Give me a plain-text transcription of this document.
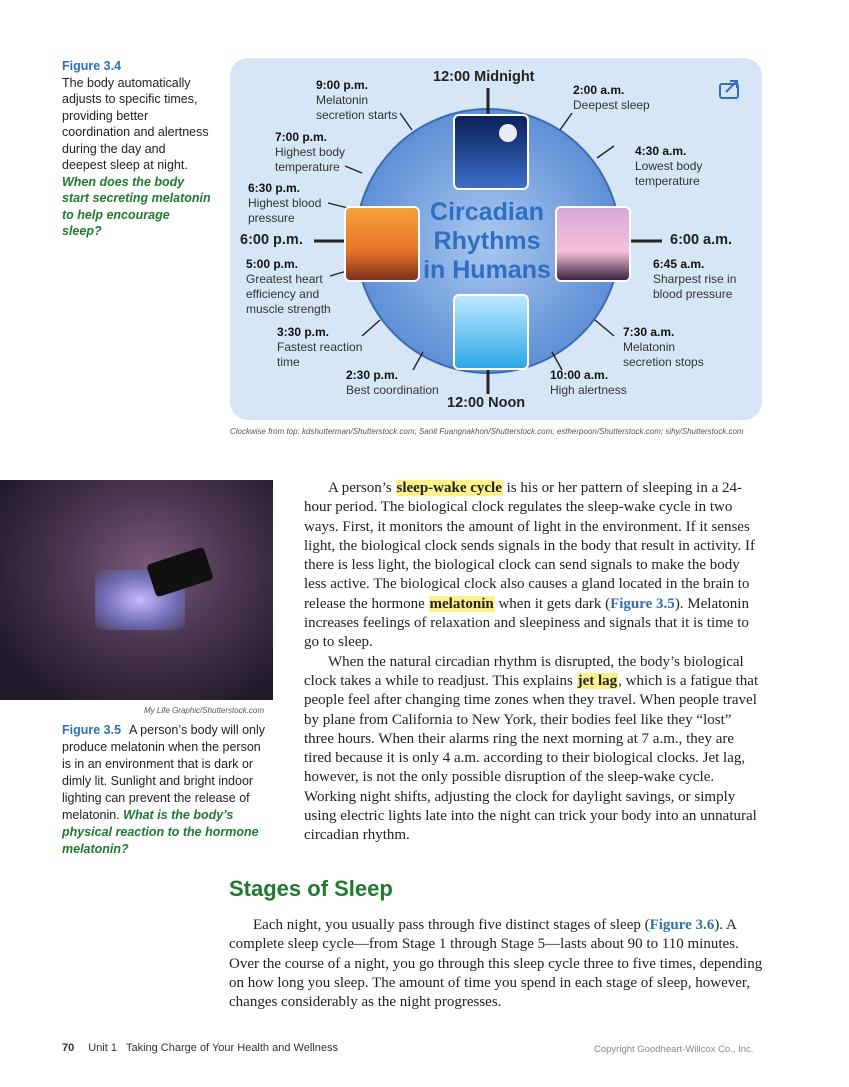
Figure 3.4
The body automatically adjusts to specific times, providing better coordination and alertness during the day and deepest sleep at night. When does the body start secreting melatonin to help encourage sleep?
Circadian
Rhythms
in Humans
12:00 Midnight
12:00 Noon
6:00 a.m.
6:00 p.m.
2:00 a.m.
Deepest sleep
4:30 a.m.
Lowest body
temperature
6:45 a.m.
Sharpest rise in
blood pressure
7:30 a.m.
Melatonin
secretion stops
10:00 a.m.
High alertness
2:30 p.m.
Best coordination
3:30 p.m.
Fastest reaction
time
5:00 p.m.
Greatest heart
efficiency and
muscle strength
6:30 p.m.
Highest blood
pressure
7:00 p.m.
Highest body
temperature
9:00 p.m.
Melatonin
secretion starts
Clockwise from top: kdshutterman/Shutterstock.com; Sanit Fuangnakhon/Shutterstock.com; estherpoon/Shutterstock.com; sihy/Shutterstock.com
My Life Graphic/Shutterstock.com
Figure 3.5 A person’s body will only produce melatonin when the person is in an environment that is dark or dimly lit. Sunlight and bright indoor lighting can prevent the release of melatonin. What is the body’s physical reaction to the hormone melatonin?

A person’s sleep-wake cycle is his or her pattern of sleeping in a 24-hour period. The biological clock regulates the sleep-wake cycle in two ways. First, it monitors the amount of light in the environment. If it senses light, the biological clock sends signals in the body that result in activity. If there is less light, the biological clock can send signals to make the body less active. The biological clock also causes a gland located in the brain to release the hormone melatonin when it gets dark (Figure 3.5). Melatonin increases feelings of relaxation and sleepiness and signals that it is time to go to sleep.

When the natural circadian rhythm is disrupted, the body’s biological clock takes a while to readjust. This explains jet lag, which is a fatigue that people feel after changing time zones when they travel. When people travel by plane from California to New York, their bodies feel like they “lost” three hours. When their alarms ring the next morning at 7 a.m., they are tired because it is only 4 a.m. according to their biological clocks. Jet lag, however, is not the only possible disruption of the sleep-wake cycle. Working night shifts, adjusting the clock for daylight savings, or simply using electric lights late into the night can trick your body into an unnatural circadian rhythm.

Stages of Sleep

Each night, you usually pass through five distinct stages of sleep (Figure 3.6). A complete sleep cycle—from Stage 1 through Stage 5—lasts about 90 to 110 minutes. Over the course of a night, you go through this sleep cycle three to five times, depending on how long you sleep. The amount of time you spend in each stage of sleep, however, changes considerably as the night progresses.

70 Unit 1   Taking Charge of Your Health and Wellness	Copyright Goodheart-Willcox Co., Inc.
